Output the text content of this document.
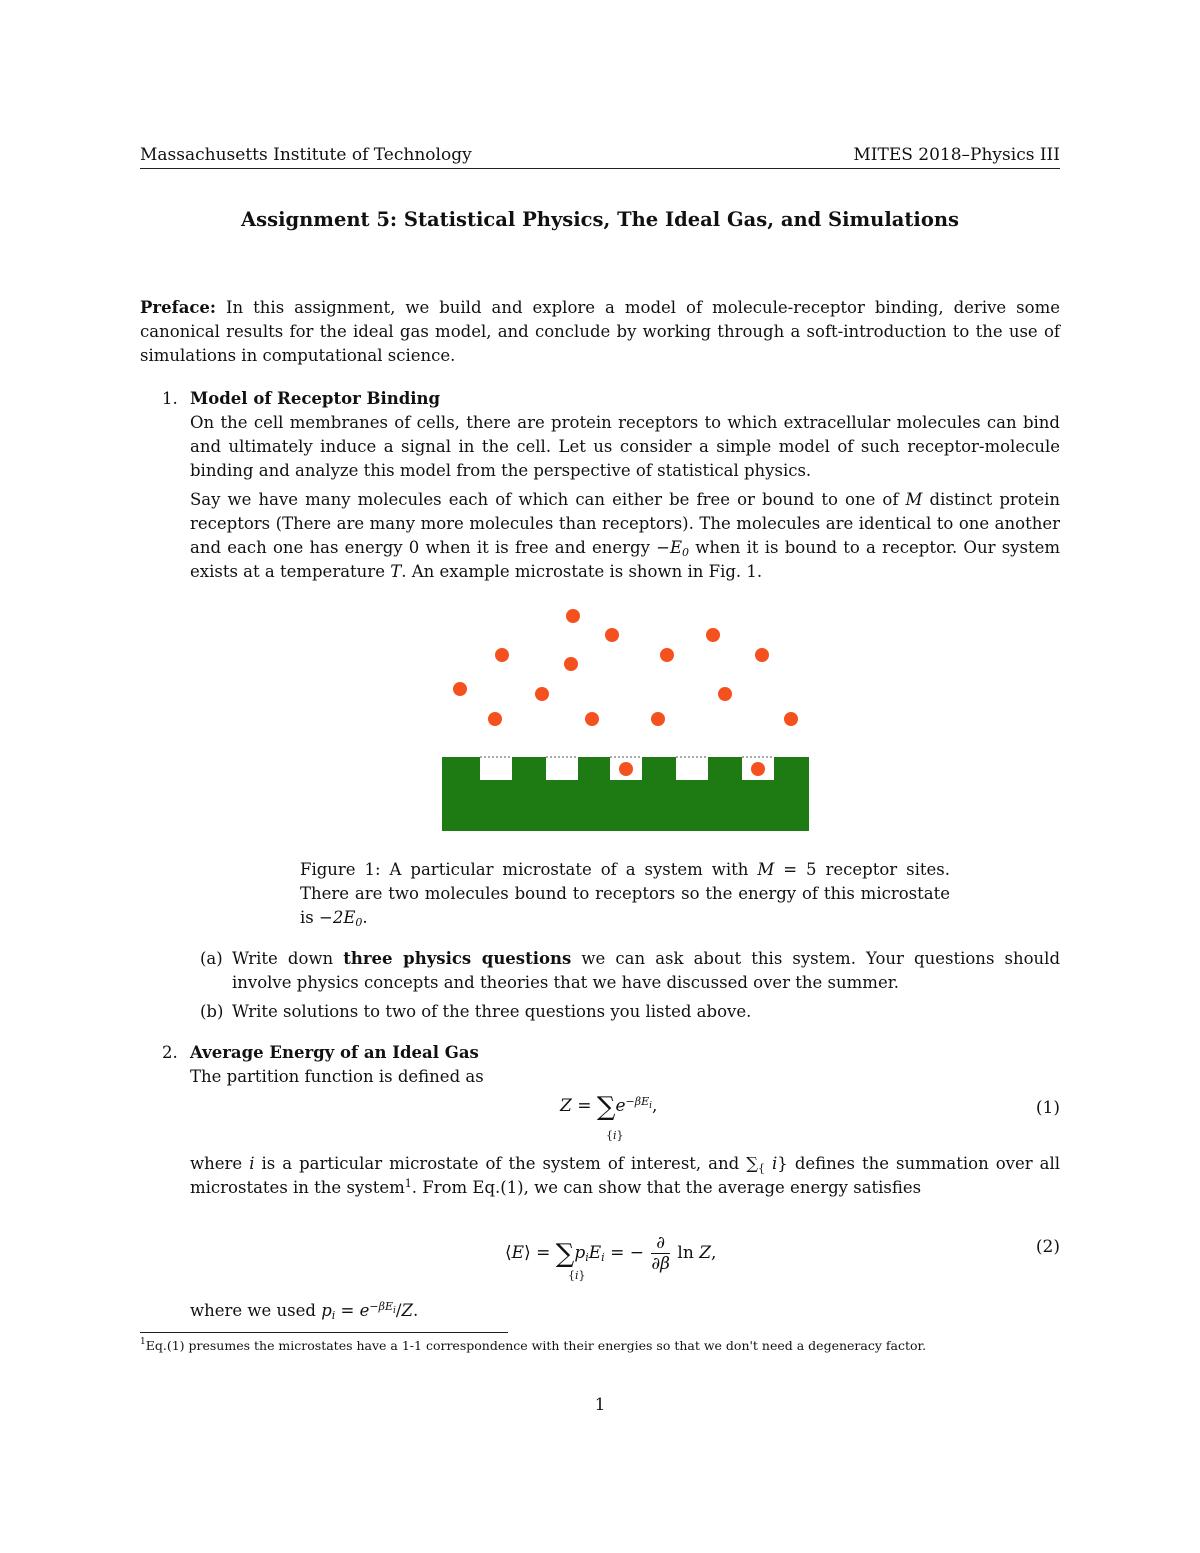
Massachusetts Institute of Technology	MITES 2018–Physics III
Assignment 5: Statistical Physics, The Ideal Gas, and Simulations
Preface: In this assignment, we build and explore a model of molecule-receptor binding, derive some canonical results for the ideal gas model, and conclude by working through a soft-introduction to the use of simulations in computational science.
1. Model of Receptor Binding
On the cell membranes of cells, there are protein receptors to which extracellular molecules can bind and ultimately induce a signal in the cell. Let us consider a simple model of such receptor-molecule binding and analyze this model from the perspective of statistical physics.
Say we have many molecules each of which can either be free or bound to one of M distinct protein receptors (There are many more molecules than receptors). The molecules are identical to one another and each one has energy 0 when it is free and energy $-E_0$ when it is bound to a receptor. Our system exists at a temperature T. An example microstate is shown in Fig. 1.
Figure 1: A particular microstate of a system with M = 5 receptor sites. There are two molecules bound to receptors so the energy of this microstate is $-2E_0$.
(a) Write down three physics questions we can ask about this system. Your questions should involve physics concepts and theories that we have discussed over the summer.
(b) Write solutions to two of the three questions you listed above.
2. Average Energy of an Ideal Gas
The partition function is defined as
$Z = \sum e^{-\beta E_i}$,
{i}
(1)
where i is a particular microstate of the system of interest, and $\sum_{\{}$ i} defines the summation over all microstates in the system$^1$. From Eq.(1), we can show that the average energy satisfies
⟨E⟩ = $\sum p_iE_i$ = − ∂
∂β
ln Z,
{i}
(2)
where we used $p_i = e^{-\beta E_i}/Z$.
$^1$Eq.(1) presumes the microstates have a 1-1 correspondence with their energies so that we don't need a degeneracy factor.
1
